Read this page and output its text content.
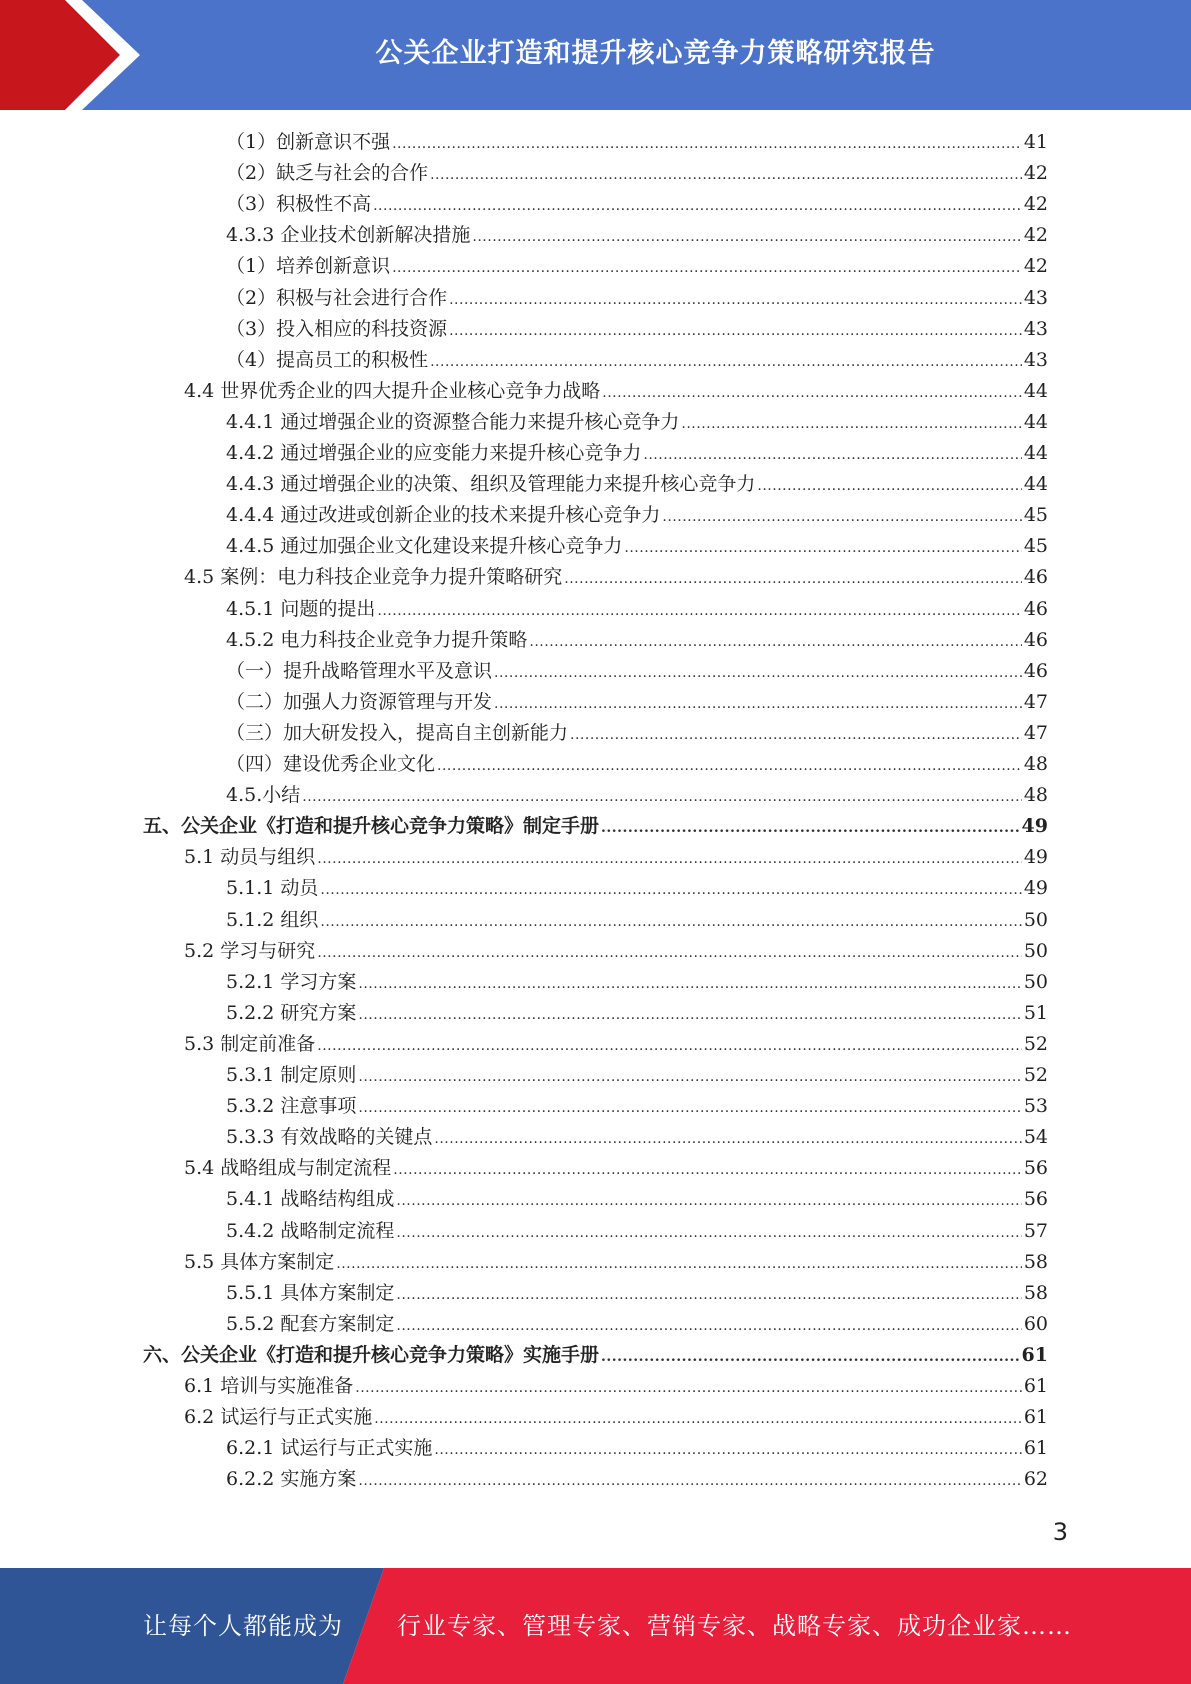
公关企业打造和提升核心竞争力策略研究报告
（1）创新意识不强 .....	41
（2）缺乏与社会的合作 .....	42
（3）积极性不高 .....	42
4.3.3 企业技术创新解决措施 .....	42
（1）培养创新意识 .....	42
（2）积极与社会进行合作 .....	43
（3）投入相应的科技资源 .....	43
（4）提高员工的积极性 .....	43
4.4 世界优秀企业的四大提升企业核心竞争力战略 .....	44
4.4.1 通过增强企业的资源整合能力来提升核心竞争力 .....	44
4.4.2 通过增强企业的应变能力来提升核心竞争力 .....	44
4.4.3 通过增强企业的决策、组织及管理能力来提升核心竞争力 .....	44
4.4.4 通过改进或创新企业的技术来提升核心竞争力 .....	45
4.4.5 通过加强企业文化建设来提升核心竞争力 .....	45
4.5 案例：电力科技企业竞争力提升策略研究 .....	46
4.5.1 问题的提出 .....	46
4.5.2 电力科技企业竞争力提升策略 .....	46
（一）提升战略管理水平及意识 .....	46
（二）加强人力资源管理与开发 .....	47
（三）加大研发投入，提高自主创新能力 .....	47
（四）建设优秀企业文化 .....	48
4.5.小结 .....	48
五、公关企业《打造和提升核心竞争力策略》制定手册 .....	49
5.1 动员与组织 .....	49
5.1.1 动员 .....	49
5.1.2 组织 .....	50
5.2 学习与研究 .....	50
5.2.1 学习方案 .....	50
5.2.2 研究方案 .....	51
5.3 制定前准备 .....	52
5.3.1 制定原则 .....	52
5.3.2 注意事项 .....	53
5.3.3 有效战略的关键点 .....	54
5.4 战略组成与制定流程 .....	56
5.4.1 战略结构组成 .....	56
5.4.2 战略制定流程 .....	57
5.5 具体方案制定 .....	58
5.5.1 具体方案制定 .....	58
5.5.2 配套方案制定 .....	60
六、公关企业《打造和提升核心竞争力策略》实施手册 .....	61
6.1 培训与实施准备 .....	61
6.2 试运行与正式实施 .....	61
6.2.1 试运行与正式实施 .....	61
6.2.2 实施方案 .....	62
3
让每个人都能成为 行业专家、管理专家、营销专家、战略专家、成功企业家……
